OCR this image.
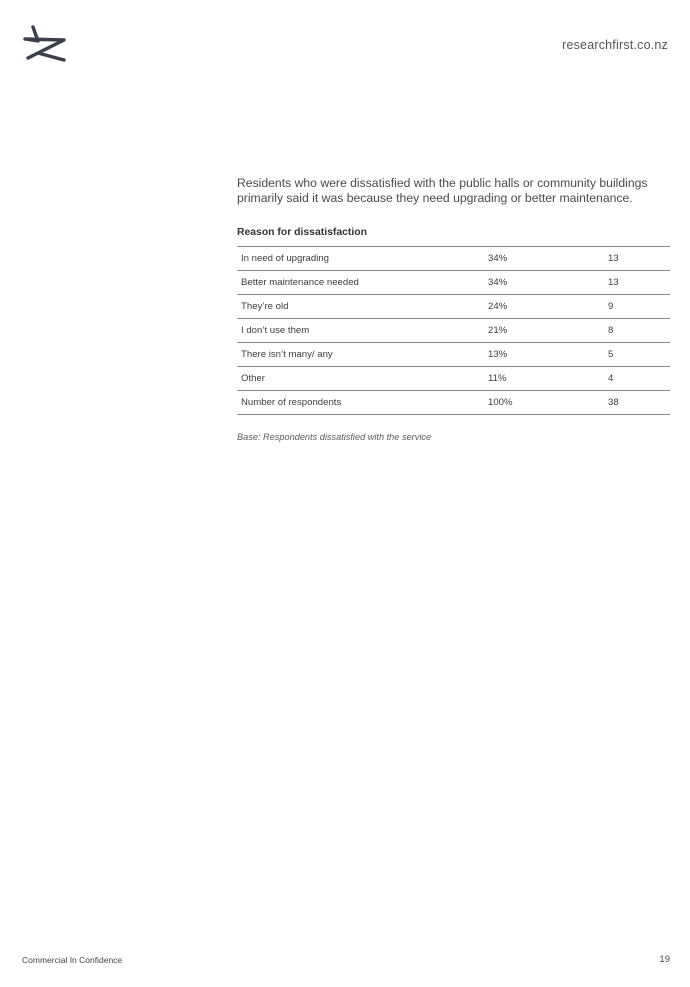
researchfirst.co.nz

Residents who were dissatisfied with the public halls or community buildings primarily said it was because they need upgrading or better maintenance.

Reason for dissatisfaction
In need of upgrading	34%	13
Better maintenance needed	34%	13
They’re old	24%	9
I don’t use them	21%	8
There isn’t many/ any	13%	5
Other	11%	4
Number of respondents	100%	38
Base: Respondents dissatisfied with the service
Commercial In Confidence	19
